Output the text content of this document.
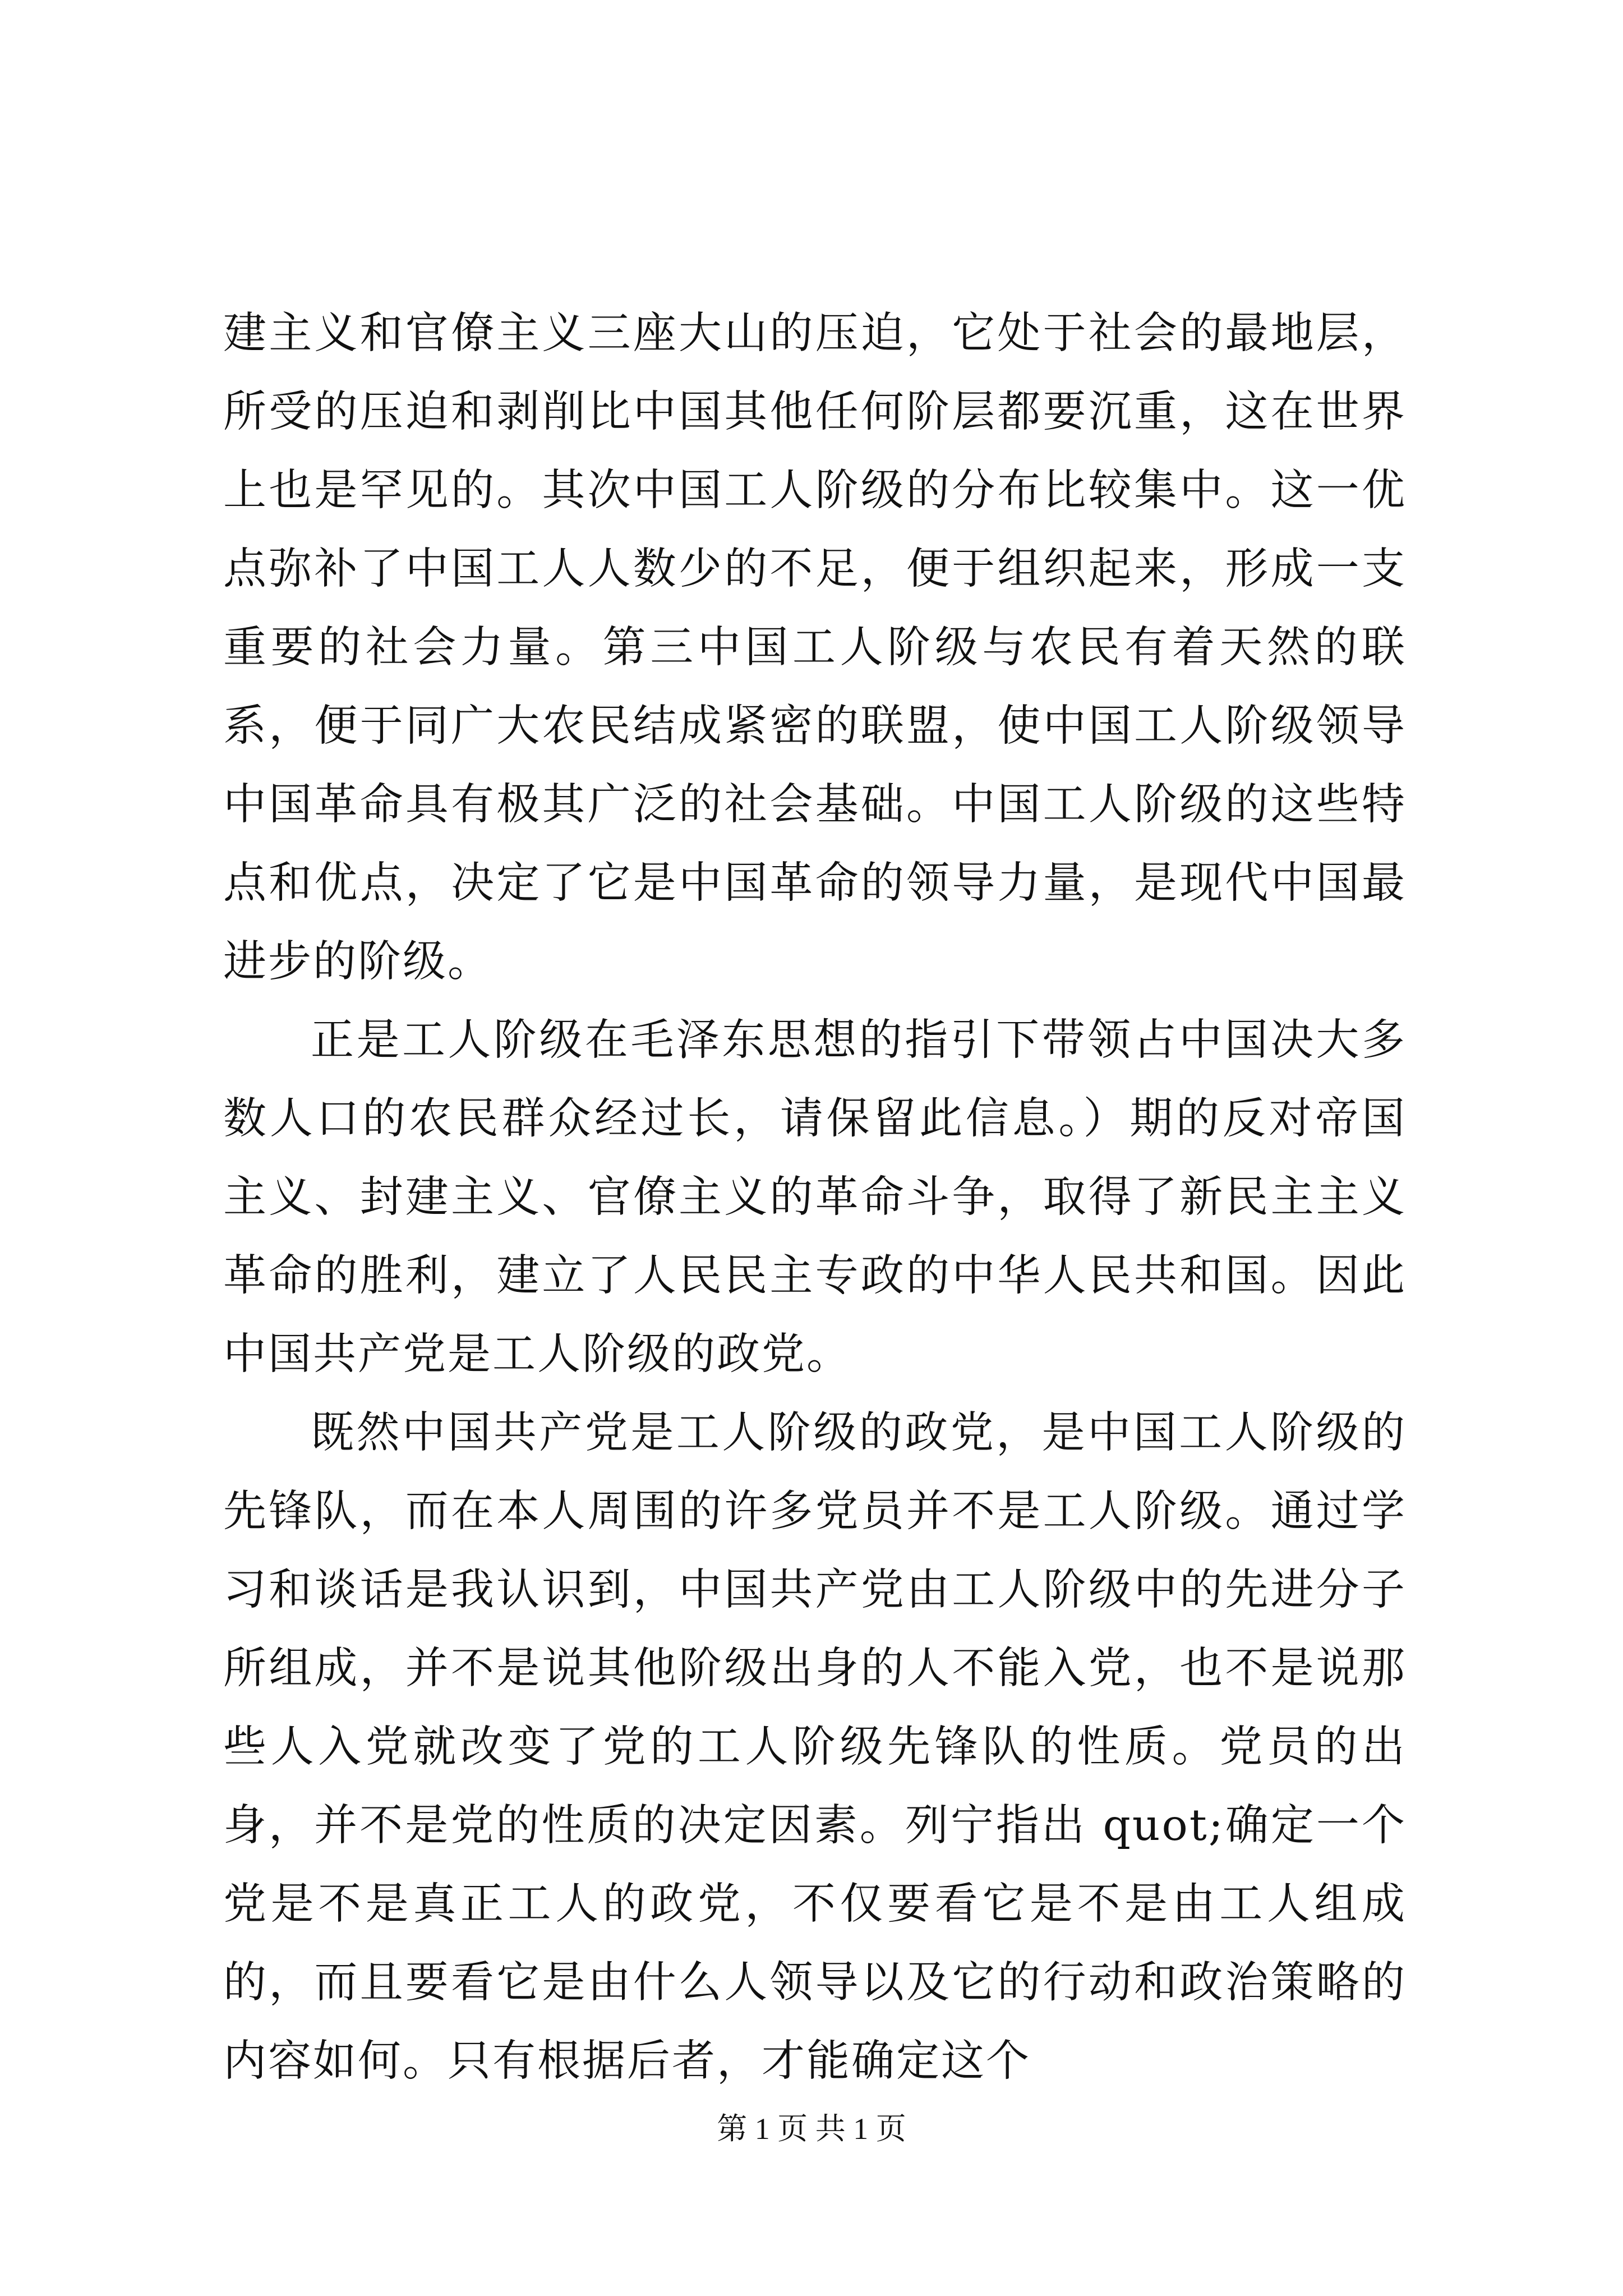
建主义和官僚主义三座大山的压迫，它处于社会的最地层，所受的压迫和剥削比中国其他任何阶层都要沉重，这在世界上也是罕见的。其次中国工人阶级的分布比较集中。这一优点弥补了中国工人人数少的不足，便于组织起来，形成一支重要的社会力量。第三中国工人阶级与农民有着天然的联系，便于同广大农民结成紧密的联盟，使中国工人阶级领导中国革命具有极其广泛的社会基础。中国工人阶级的这些特点和优点，决定了它是中国革命的领导力量，是现代中国最进步的阶级。

正是工人阶级在毛泽东思想的指引下带领占中国决大多数人口的农民群众经过长，请保留此信息。）期的反对帝国主义、封建主义、官僚主义的革命斗争，取得了新民主主义革命的胜利，建立了人民民主专政的中华人民共和国。因此中国共产党是工人阶级的政党。

既然中国共产党是工人阶级的政党，是中国工人阶级的先锋队，而在本人周围的许多党员并不是工人阶级。通过学习和谈话是我认识到，中国共产党由工人阶级中的先进分子所组成，并不是说其他阶级出身的人不能入党，也不是说那些人入党就改变了党的工人阶级先锋队的性质。党员的出身，并不是党的性质的决定因素。列宁指出 quot;确定一个党是不是真正工人的政党，不仅要看它是不是由工人组成的，而且要看它是由什么人领导以及它的行动和政治策略的内容如何。只有根据后者，才能确定这个

第 1 页 共 1 页
